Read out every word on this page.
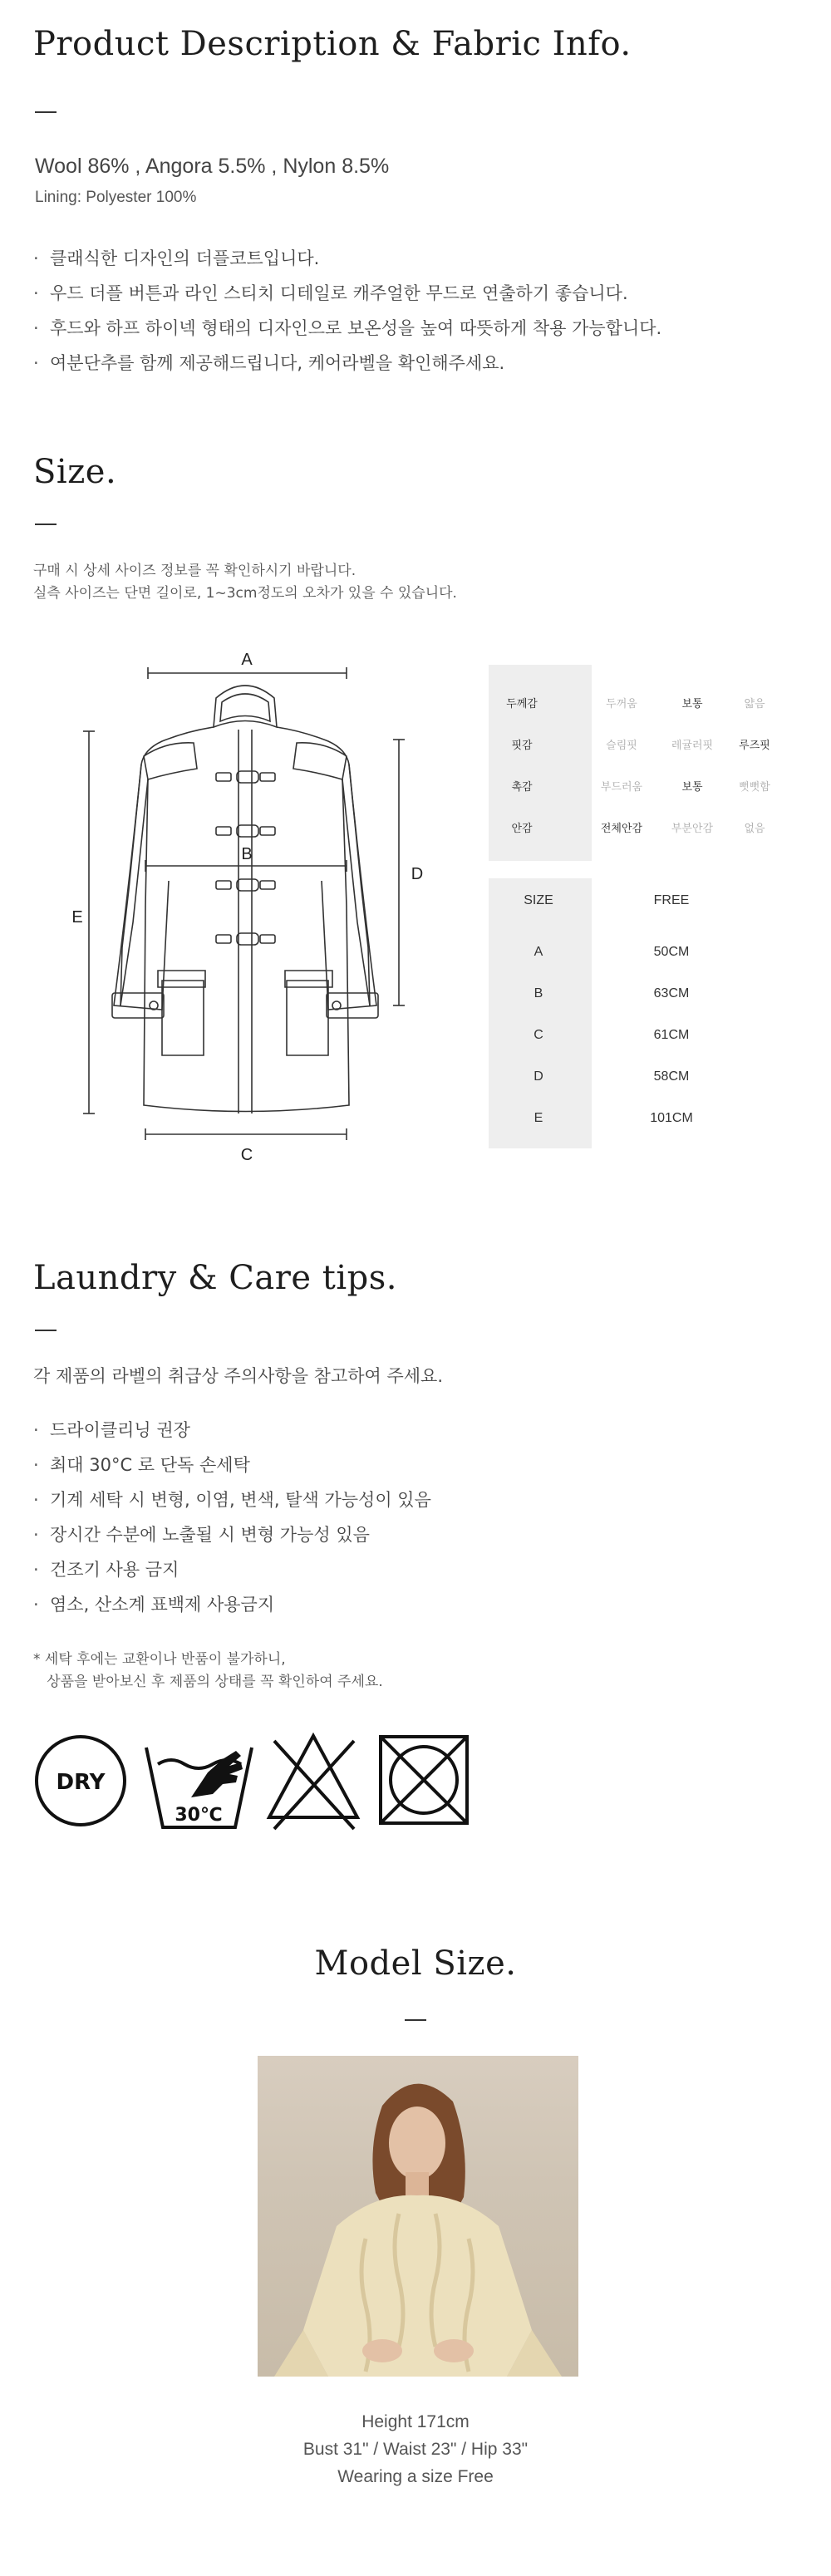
Product Description & Fabric Info.
Wool 86% , Angora 5.5% , Nylon 8.5%
Lining: Polyester 100%
· 클래식한 디자인의 더플코트입니다.
· 우드 더플 버튼과 라인 스티치 디테일로 캐주얼한 무드로 연출하기 좋습니다.
· 후드와 하프 하이넥 형태의 디자인으로 보온성을 높여 따뜻하게 착용 가능합니다.
· 여분단추를 함께 제공해드립니다, 케어라벨을 확인해주세요.
Size.
구매 시 상세 사이즈 정보를 꼭 확인하시기 바랍니다.
실측 사이즈는 단면 길이로, 1~3cm정도의 오차가 있을 수 있습니다.
A
B
C
D
E
두께감	두꺼움	보통	얇음
핏감	슬림핏	레귤러핏	루즈핏
촉감	부드러움	보통	뻣뻣함
안감	전체안감	부분안감	없음
SIZE	FREE
A	50CM
B	63CM
C	61CM
D	58CM
E	101CM
Laundry & Care tips.
각 제품의 라벨의 취급상 주의사항을 참고하여 주세요.
· 드라이클리닝 권장
· 최대 30°C 로 단독 손세탁
· 기계 세탁 시 변형, 이염, 변색, 탈색 가능성이 있음
· 장시간 수분에 노출될 시 변형 가능성 있음
· 건조기 사용 금지
· 염소, 산소계 표백제 사용금지
* 세탁 후에는 교환이나 반품이 불가하니,
상품을 받아보신 후 제품의 상태를 꼭 확인하여 주세요.
DRY
30℃
Model Size.
Height 171cm
Bust 31" / Waist 23" / Hip 33"
Wearing a size Free
